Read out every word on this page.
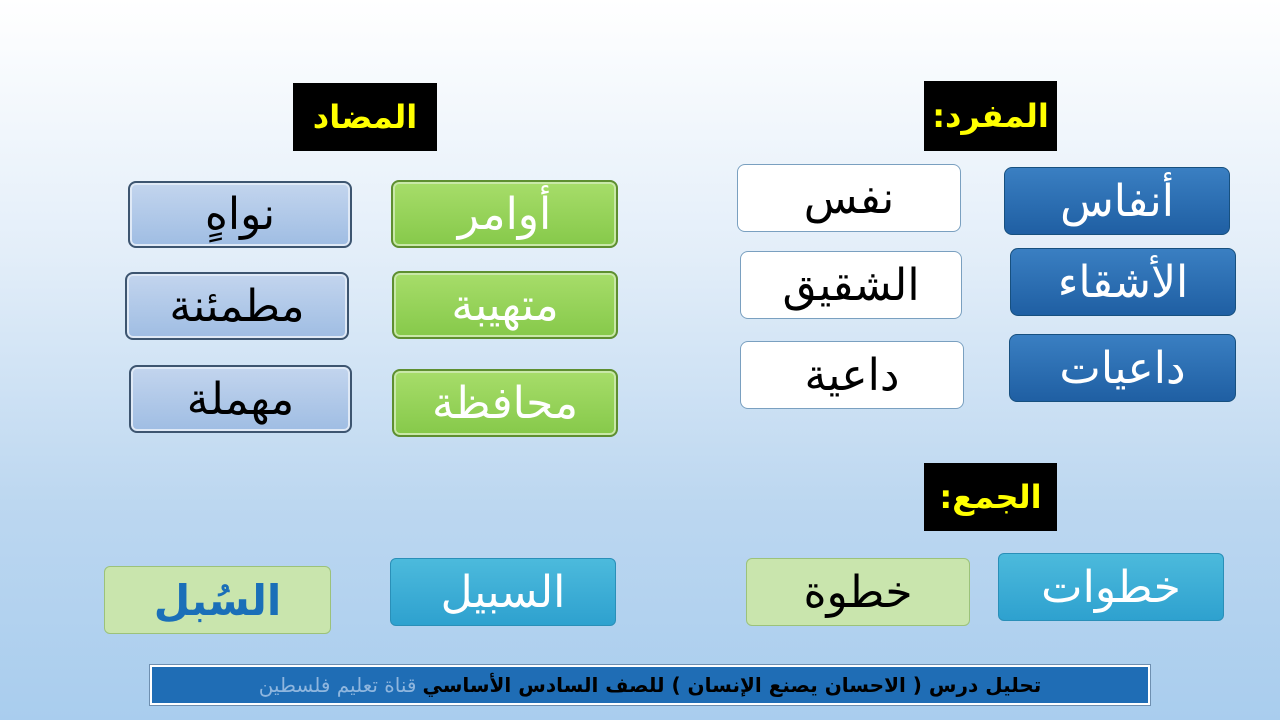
المفرد:
المضاد
الجمع:
أنفاس
نفس
الأشقاء
الشقيق
داعيات
داعية
أوامر
نواهٍ
متهيبة
مطمئنة
محافظة
مهملة
خطوات
خطوة
السبيل
السُبل
تحليل درس ( الاحسان يصنع الإنسان ) للصف السادس الأساسي
قناة تعليم فلسطين
